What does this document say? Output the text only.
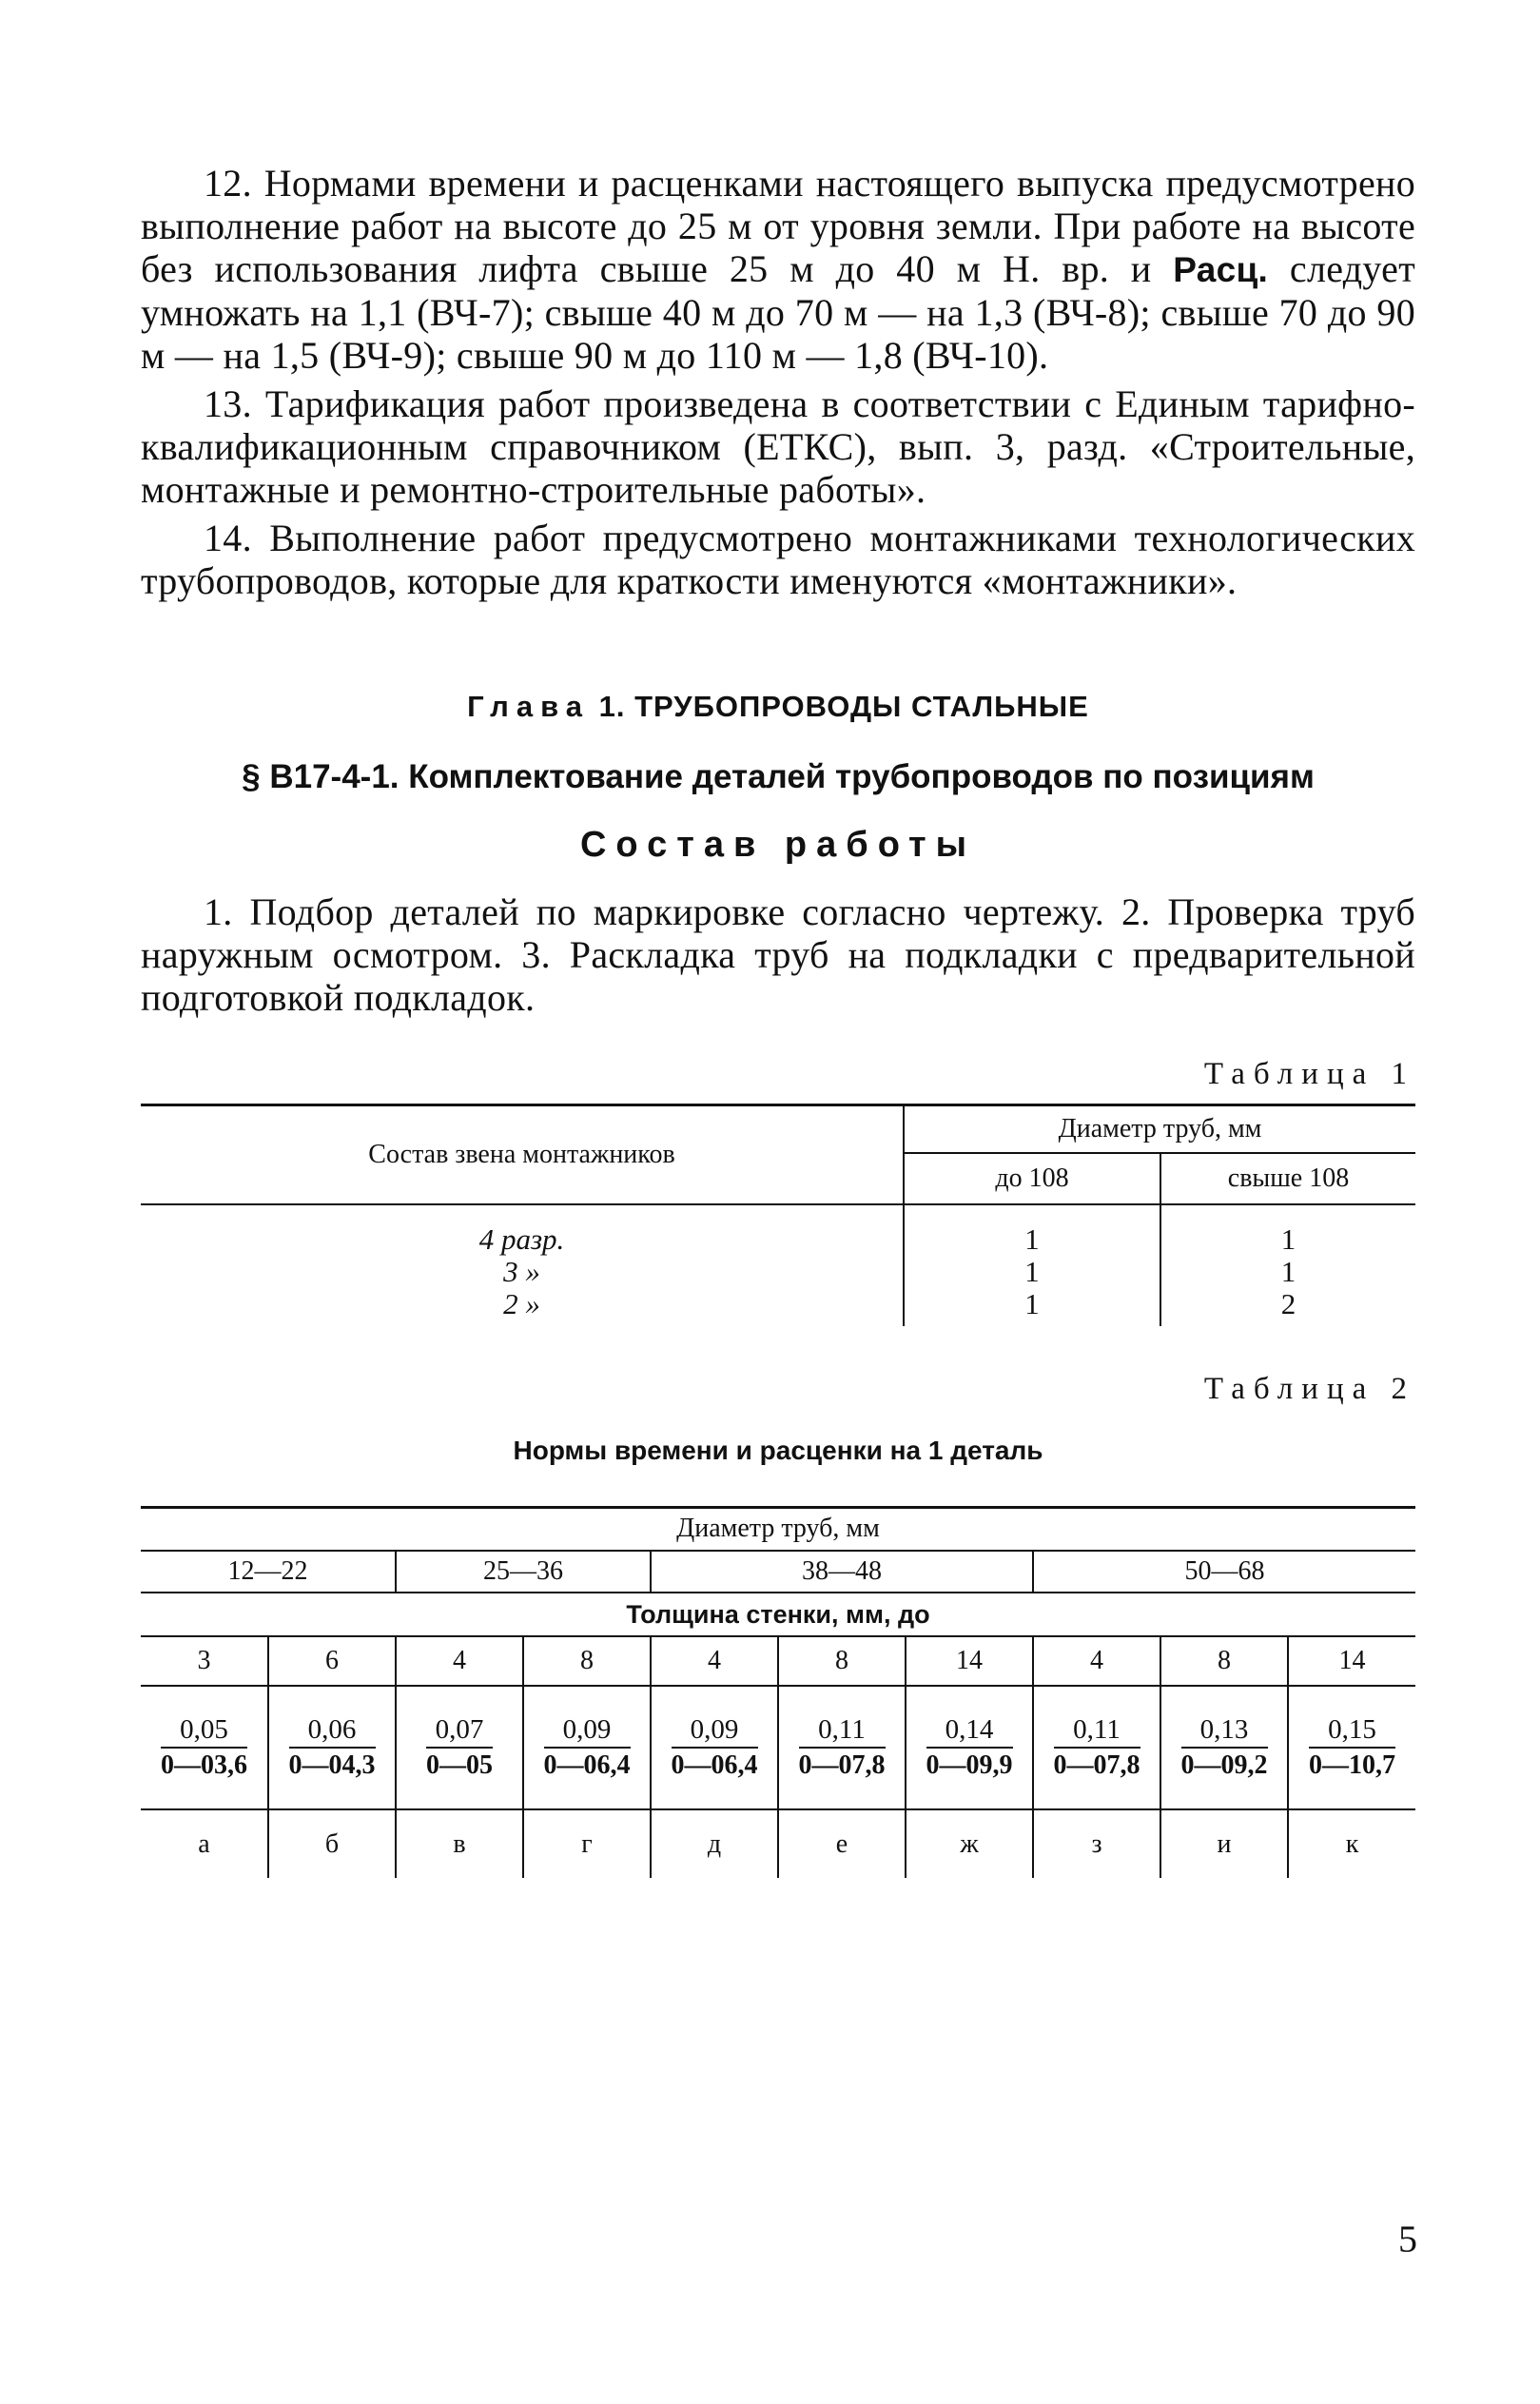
12. Нормами времени и расценками настоящего выпуска предусмотрено выполнение работ на высоте до 25 м от уровня земли. При работе на высоте без использования лифта свыше 25 м до 40 м Н. вр. и Расц. следует умножать на 1,1 (ВЧ-7); свыше 40 м до 70 м — на 1,3 (ВЧ-8); свыше 70 до 90 м — на 1,5 (ВЧ-9); свыше 90 м до 110 м — 1,8 (ВЧ-10).

13. Тарификация работ произведена в соответствии с Единым тарифно-квалификационным справочником (ЕТКС), вып. 3, разд. «Строительные, монтажные и ремонтно-строительные работы».

14. Выполнение работ предусмотрено монтажниками технологических трубопроводов, которые для краткости именуются «монтажники».

Глава 1. ТРУБОПРОВОДЫ СТАЛЬНЫЕ

§ В17-4-1. Комплектование деталей трубопроводов по позициям

Состав работы

1. Подбор деталей по маркировке согласно чертежу. 2. Проверка труб наружным осмотром. 3. Раскладка труб на подкладки с предварительной подготовкой подкладок.

Таблица 1

Состав звена монтажников	Диаметр труб, мм	
	до 108	свыше 108
4 разр.	1	1
3 »	1	1
2 »	1	2

Таблица 2

Нормы времени и расценки на 1 деталь

Диаметр труб, мм									
12—22		25—36		38—48			50—68		
Толщина стенки, мм, до									
3	6	4	8	4	8	14	4	8	14

$\frac{0,05}{0—03,6}$	$\frac{0,06}{0—04,3}$	$\frac{0,07}{0—05}$	$\frac{0,09}{0—06,4}$	$\frac{0,09}{0—06,4}$	$\frac{0,11}{0—07,8}$	$\frac{0,14}{0—09,9}$	$\frac{0,11}{0—07,8}$	$\frac{0,13}{0—09,2}$	$\frac{0,15}{0—10,7}$

а	б	в	г	д	е	ж	з	и	к
5
